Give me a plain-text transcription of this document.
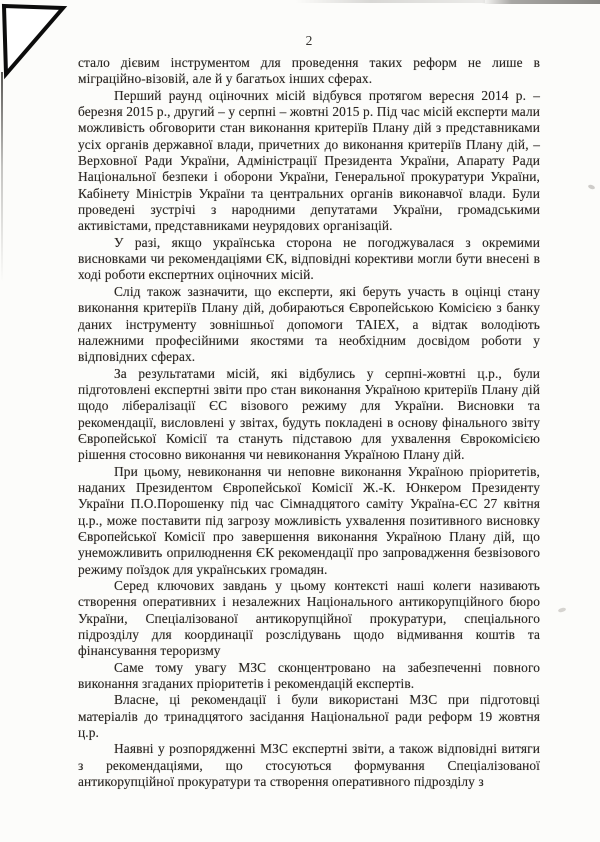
2

стало дієвим інструментом для проведення таких реформ не лише в міграційно-візовій, але й у багатьох інших сферах.

Перший раунд оціночних місій відбувся протягом вересня 2014 р. – березня 2015 р., другий – у серпні – жовтні 2015 р. Під час місій експерти мали можливість обговорити стан виконання критеріїв Плану дій з представниками усіх органів державної влади, причетних до виконання критеріїв Плану дій, – Верховної Ради України, Адміністрації Президента України, Апарату Ради Національної безпеки і оборони України, Генеральної прокуратури України, Кабінету Міністрів України та центральних органів виконавчої влади. Були проведені зустрічі з народними депутатами України, громадськими активістами, представниками неурядових організацій.

У разі, якщо українська сторона не погоджувалася з окремими висновками чи рекомендаціями ЄК, відповідні корективи могли бути внесені в ході роботи експертних оціночних місій.

Слід також зазначити, що експерти, які беруть участь в оцінці стану виконання критеріїв Плану дій, добираються Європейською Комісією з банку даних інструменту зовнішньої допомоги TAIEX, а відтак володіють належними професійними якостями та необхідним досвідом роботи у відповідних сферах.

За результатами місій, які відбулись у серпні-жовтні ц.р., були підготовлені експертні звіти про стан виконання Україною критеріїв Плану дій щодо лібералізації ЄС візового режиму для України. Висновки та рекомендації, висловлені у звітах, будуть покладені в основу фінального звіту Європейської Комісії та стануть підставою для ухвалення Єврокомісією рішення стосовно виконання чи невиконання Україною Плану дій.

При цьому, невиконання чи неповне виконання Україною пріоритетів, наданих Президентом Європейської Комісії Ж.-К. Юнкером Президенту України П.О.Порошенку під час Сімнадцятого саміту Україна-ЄС 27 квітня ц.р., може поставити під загрозу можливість ухвалення позитивного висновку Європейської Комісії про завершення виконання Україною Плану дій, що унеможливить оприлюднення ЄК рекомендації про запровадження безвізового режиму поїздок для українських громадян.

Серед ключових завдань у цьому контексті наші колеги називають створення оперативних і незалежних Національного антикорупційного бюро України, Спеціалізованої антикорупційної прокуратури, спеціального підрозділу для координації розслідувань щодо відмивання коштів та фінансування тероризму

Саме тому увагу МЗС сконцентровано на забезпеченні повного виконання згаданих пріоритетів і рекомендацій експертів.

Власне, ці рекомендації і були використані МЗС при підготовці матеріалів до тринадцятого засідання Національної ради реформ 19 жовтня ц.р.

Наявні у розпорядженні МЗС експертні звіти, а також відповідні витяги з рекомендаціями, що стосуються формування Спеціалізованої антикорупційної прокуратури та створення оперативного підрозділу з
